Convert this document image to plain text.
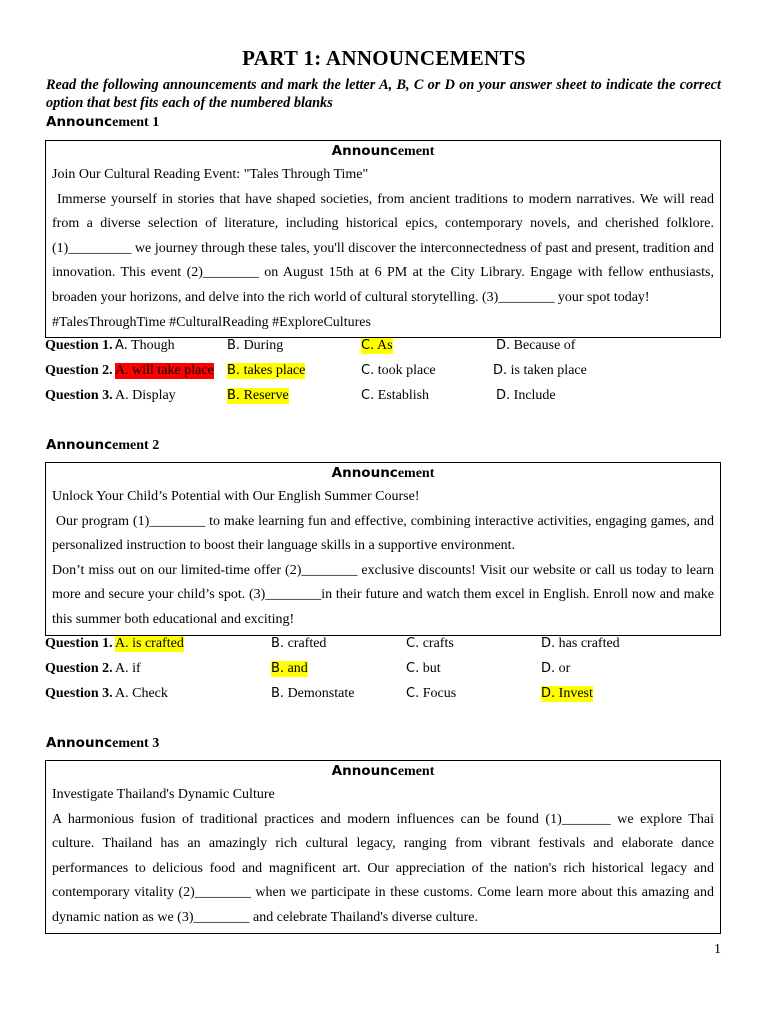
PART 1: ANNOUNCEMENTS
Read the following announcements and mark the letter A, B, C or D on your answer sheet to indicate the correct option that best fits each of the numbered blanks
Announcement 1
Announcement

Join Our Cultural Reading Event: "Tales Through Time"

Immerse yourself in stories that have shaped societies, from ancient traditions to modern narratives. We will read from a diverse selection of literature, including historical epics, contemporary novels, and cherished folklore. (1)_________ we journey through these tales, you'll discover the interconnectedness of past and present, tradition and innovation. This event (2)________ on August 15th at 6 PM at the City Library. Engage with fellow enthusiasts, broaden your horizons, and delve into the rich world of cultural storytelling. (3)________ your spot today!

#TalesThroughTime #CulturalReading #ExploreCultures

Question 1. A. Though	B. During	C. As	D. Because of
Question 2. A. will take place B. takes place	C. took place	D. is taken place
Question 3. A. Display	B. Reserve	C. Establish	D. Include
Announcement 2
Announcement

Unlock Your Child’s Potential with Our English Summer Course!

Our program (1)________ to make learning fun and effective, combining interactive activities, engaging games, and personalized instruction to boost their language skills in a supportive environment.

Don’t miss out on our limited-time offer (2)________ exclusive discounts! Visit our website or call us today to learn more and secure your child’s spot. (3)________in their future and watch them excel in English. Enroll now and make this summer both educational and exciting!

Question 1. A. is crafted	B. crafted	C. crafts	D. has crafted
Question 2. A. if	B. and	C. but	D. or
Question 3. A. Check	B. Demonstate	C. Focus	D. Invest
Announcement 3
Announcement

Investigate Thailand's Dynamic Culture

A harmonious fusion of traditional practices and modern influences can be found (1)_______ we explore Thai culture. Thailand has an amazingly rich cultural legacy, ranging from vibrant festivals and elaborate dance performances to delicious food and magnificent art. Our appreciation of the nation's rich historical legacy and contemporary vitality (2)________ when we participate in these customs. Come learn more about this amazing and dynamic nation as we (3)________ and celebrate Thailand's diverse culture.

1
